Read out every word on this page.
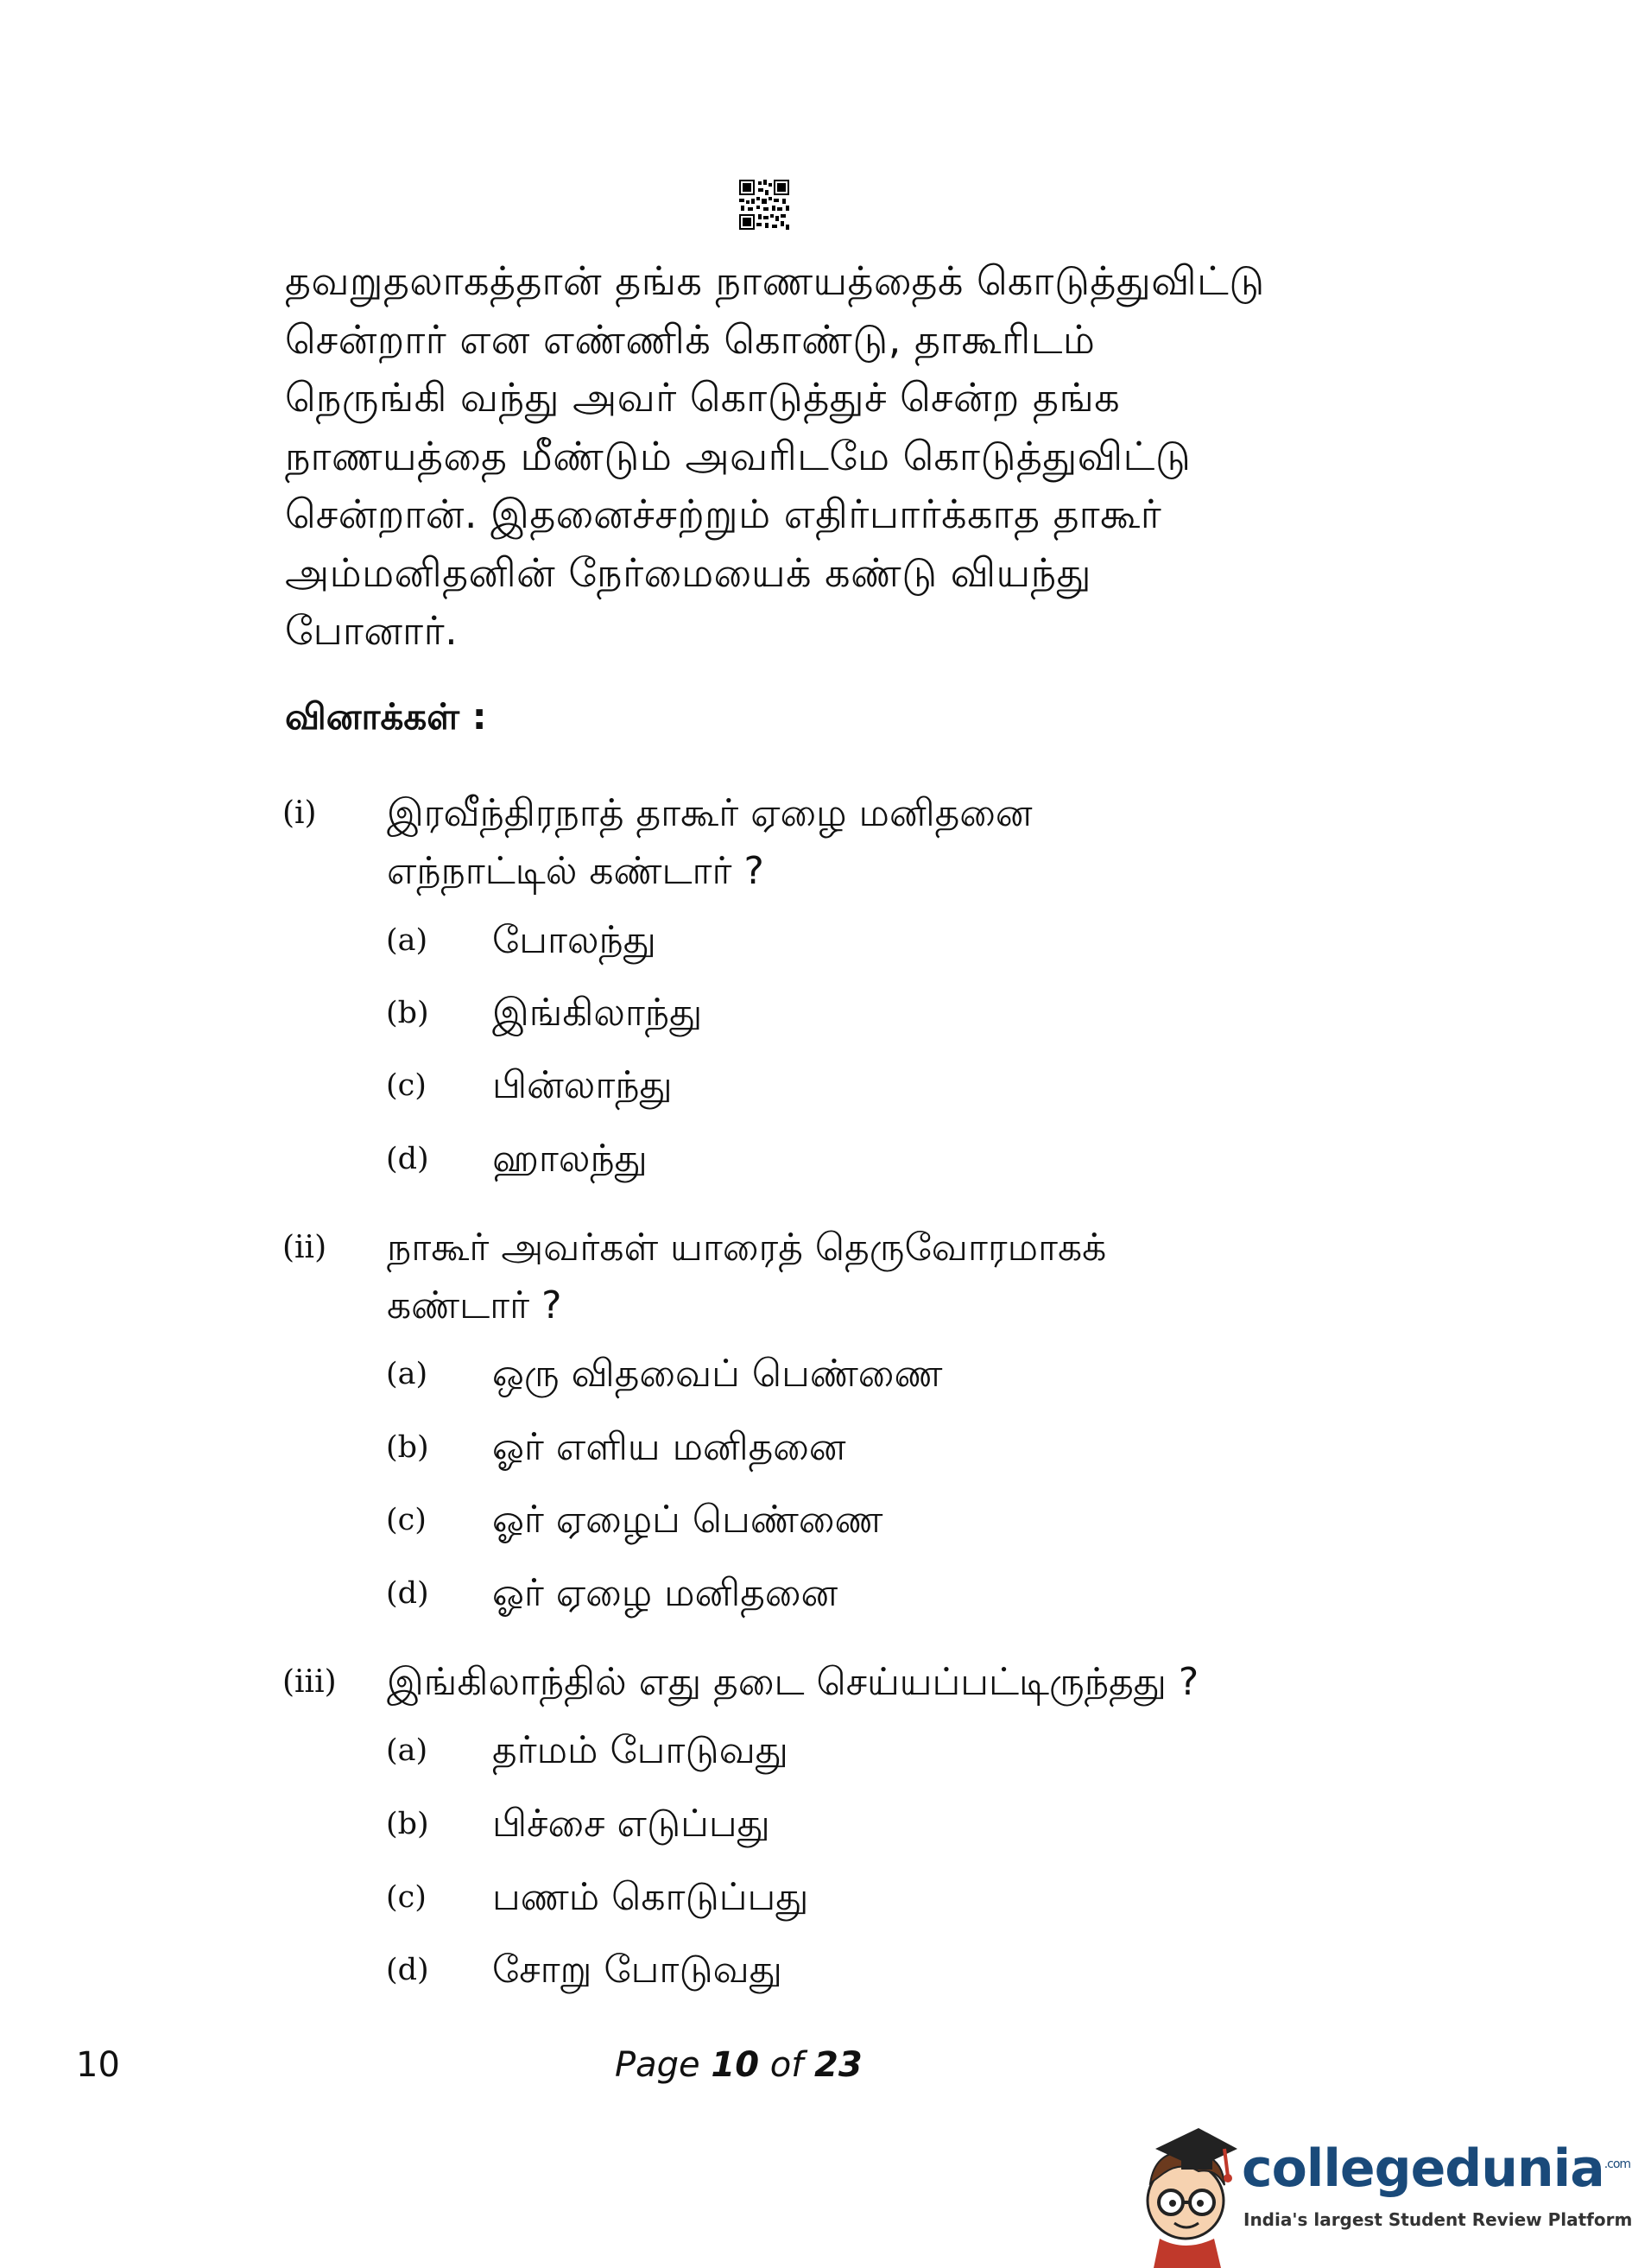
தவறுதலாகத்தான் தங்க நாணயத்தைக் கொடுத்துவிட்டு
சென்றார் என எண்ணிக் கொண்டு, தாகூரிடம்
நெருங்கி வந்து அவர் கொடுத்துச் சென்ற தங்க
நாணயத்தை மீண்டும் அவரிடமே கொடுத்துவிட்டு
சென்றான். இதனைச்சற்றும் எதிர்பார்க்காத தாகூர்
அம்மனிதனின் நேர்மையைக் கண்டு வியந்து
போனார்.
வினாக்கள் :
(i) இரவீந்திரநாத் தாகூர் ஏழை மனிதனை
எந்நாட்டில் கண்டார் ?
(a) போலந்து
(b) இங்கிலாந்து
(c) பின்லாந்து
(d) ஹாலந்து
(ii) நாகூர் அவர்கள் யாரைத் தெருவோரமாகக்
கண்டார் ?
(a) ஒரு விதவைப் பெண்ணை
(b) ஓர் எளிய மனிதனை
(c) ஓர் ஏழைப் பெண்ணை
(d) ஓர் ஏழை மனிதனை
(iii) இங்கிலாந்தில் எது தடை செய்யப்பட்டிருந்தது ?
(a) தர்மம் போடுவது
(b) பிச்சை எடுப்பது
(c) பணம் கொடுப்பது
(d) சோறு போடுவது
10	Page 10 of 23
collegedunia$^{.com}$
India's largest Student Review Platform
